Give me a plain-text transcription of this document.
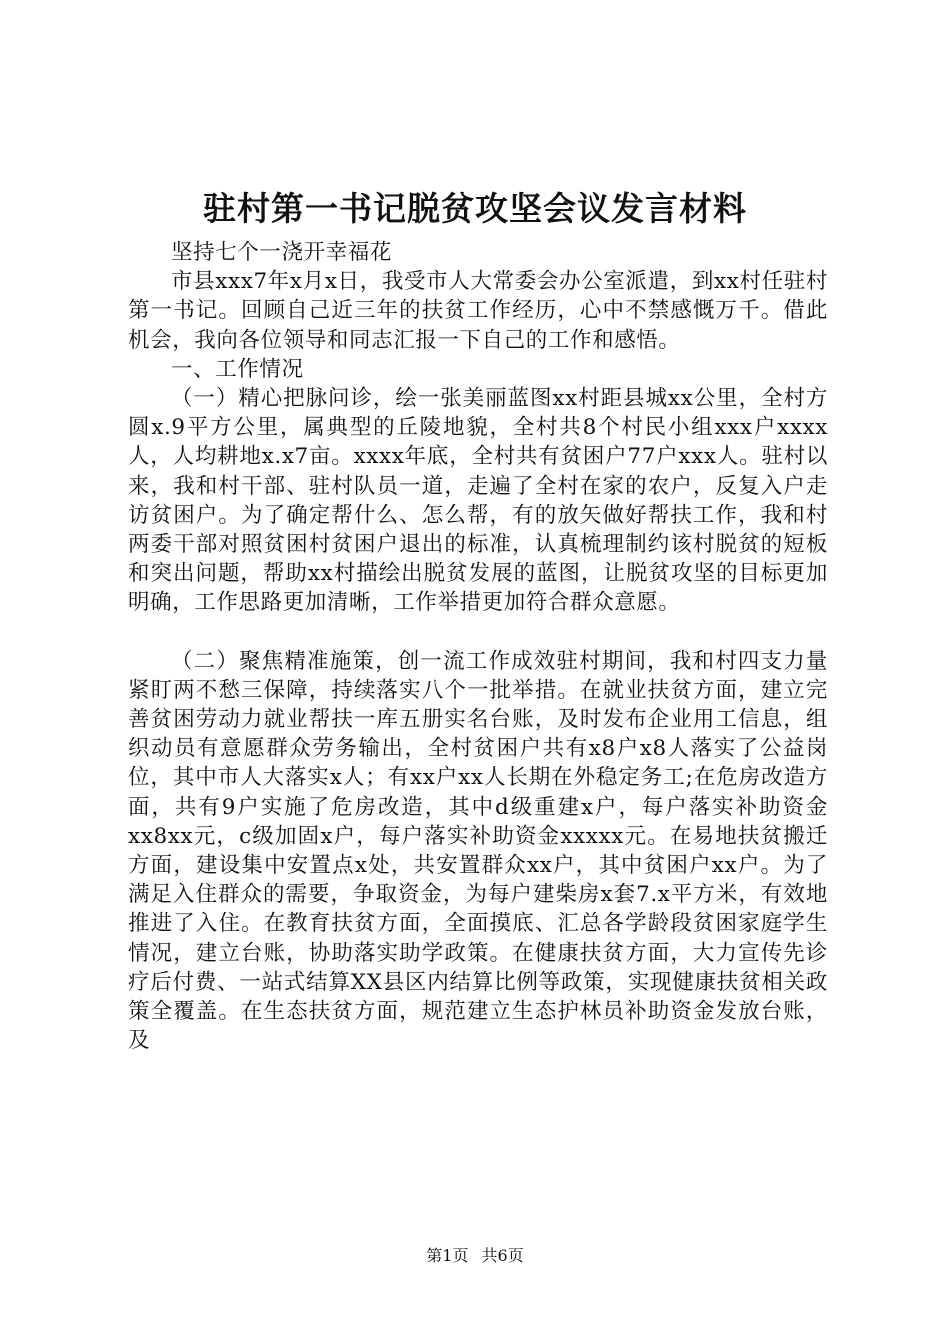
驻村第一书记脱贫攻坚会议发言材料

坚持七个一浇开幸福花

市县xxx7年x月x日，我受市人大常委会办公室派遣，到xx村任驻村第一书记。回顾自己近三年的扶贫工作经历，心中不禁感慨万千。借此机会，我向各位领导和同志汇报一下自己的工作和感悟。

一、工作情况

（一）精心把脉问诊，绘一张美丽蓝图xx村距县城xx公里，全村方圆x.9平方公里，属典型的丘陵地貌，全村共8个村民小组xxx户xxxx人，人均耕地x.x7亩。xxxx年底，全村共有贫困户77户xxx人。驻村以来，我和村干部、驻村队员一道，走遍了全村在家的农户，反复入户走访贫困户。为了确定帮什么、怎么帮，有的放矢做好帮扶工作，我和村两委干部对照贫困村贫困户退出的标准，认真梳理制约该村脱贫的短板和突出问题，帮助xx村描绘出脱贫发展的蓝图，让脱贫攻坚的目标更加明确，工作思路更加清晰，工作举措更加符合群众意愿。

（二）聚焦精准施策，创一流工作成效驻村期间，我和村四支力量紧盯两不愁三保障，持续落实八个一批举措。在就业扶贫方面，建立完善贫困劳动力就业帮扶一库五册实名台账，及时发布企业用工信息，组织动员有意愿群众劳务输出，全村贫困户共有x8户x8人落实了公益岗位，其中市人大落实x人；有xx户xx人长期在外稳定务工;在危房改造方面，共有9户实施了危房改造，其中d级重建x户，每户落实补助资金xx8xx元，c级加固x户，每户落实补助资金xxxxx元。在易地扶贫搬迁方面，建设集中安置点x处，共安置群众xx户，其中贫困户xx户。为了满足入住群众的需要，争取资金，为每户建柴房x套7.x平方米，有效地推进了入住。在教育扶贫方面，全面摸底、汇总各学龄段贫困家庭学生情况，建立台账，协助落实助学政策。在健康扶贫方面，大力宣传先诊疗后付费、一站式结算XX县区内结算比例等政策，实现健康扶贫相关政策全覆盖。在生态扶贫方面，规范建立生态护林员补助资金发放台账，及

第1页 共6页
